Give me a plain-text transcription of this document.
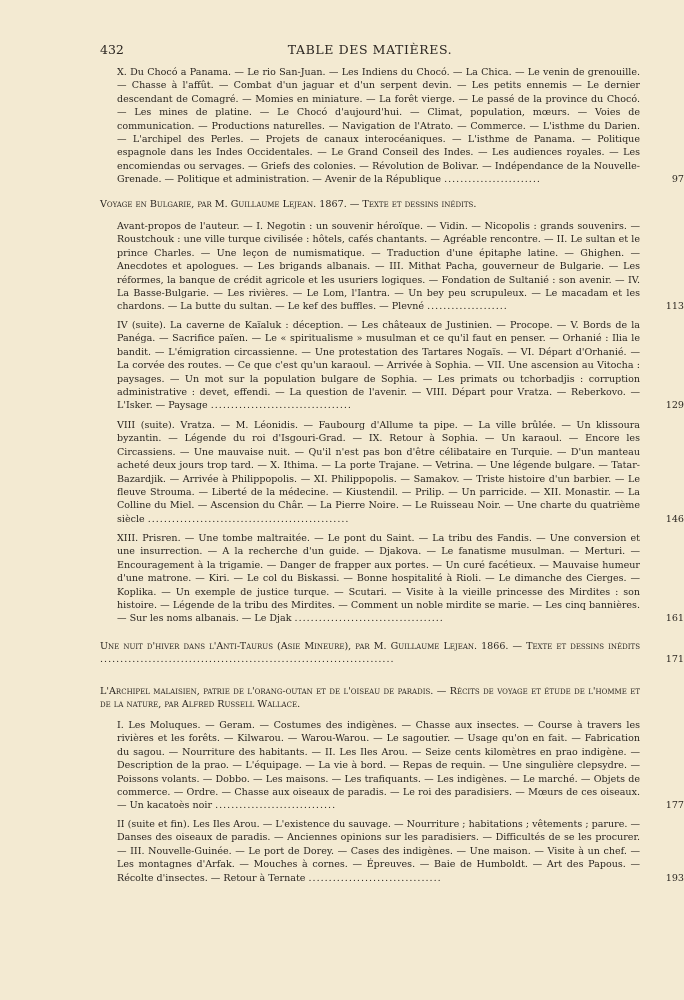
432	TABLE DES MATIÈRES.
X. Du Chocó a Panama. — Le rio San-Juan. — Les Indiens du Chocó. — La Chica. — Le venin de grenouille. — Chasse à l'affût. — Combat d'un jaguar et d'un serpent devin. — Les petits ennemis — Le dernier descendant de Comagré. — Momies en miniature. — La forêt vierge. — Le passé de la province du Chocó. — Les mines de platine. — Le Chocó d'aujourd'hui. — Climat, population, mœurs. — Voies de communication. — Productions naturelles. — Navigation de l'Atrato. — Commerce. — L'isthme du Darien. — L'archipel des Perles. — Projets de canaux interocéaniques. — L'isthme de Panama. — Politique espagnole dans les Indes Occidentales. — Le Grand Conseil des Indes. — Les audiences royales. — Les encomiendas ou servages. — Griefs des colonies. — Révolution de Bolivar. — Indépendance de la Nouvelle-Grenade. — Politique et administration. — Avenir de la République ........................	97
Voyage en Bulgarie, par M. Guillaume Lejean. 1867. — Texte et dessins inédits.
Avant-propos de l'auteur. — I. Negotin : un souvenir héroïque. — Vidin. — Nicopolis : grands souvenirs. — Roustchouk : une ville turque civilisée : hôtels, cafés chantants. — Agréable rencontre. — II. Le sultan et le prince Charles. — Une leçon de numismatique. — Traduction d'une épitaphe latine. — Ghighen. — Anecdotes et apologues. — Les brigands albanais. — III. Mithat Pacha, gouverneur de Bulgarie. — Les réformes, la banque de crédit agricole et les usuriers logiques. — Fondation de Sultanié : son avenir. — IV. La Basse-Bulgarie. — Les rivières. — Le Lom, l'Iantra. — Un bey peu scrupuleux. — Le macadam et les chardons. — La butte du sultan. — Le kef des buffles. — Plevné ....................	113
IV (suite). La caverne de Kaïaluk : déception. — Les châteaux de Justinien. — Procope. — V. Bords de la Panéga. — Sacrifice païen. — Le « spiritualisme » musulman et ce qu'il faut en penser. — Orhanié : Ilia le bandit. — L'émigration circassienne. — Une protestation des Tartares Nogaïs. — VI. Départ d'Orhanié. — La corvée des routes. — Ce que c'est qu'un karaoul. — Arrivée à Sophia. — VII. Une ascension au Vitocha : paysages. — Un mot sur la population bulgare de Sophia. — Les primats ou tchorbadjis : corruption administrative : devet, effendi. — La question de l'avenir. — VIII. Départ pour Vratza. — Reberkovo. — L'Isker. — Paysage ...................................	129
VIII (suite). Vratza. — M. Léonidis. — Faubourg d'Allume ta pipe. — La ville brûlée. — Un klissoura byzantin. — Légende du roi d'Isgouri-Grad. — IX. Retour à Sophia. — Un karaoul. — Encore les Circassiens. — Une mauvaise nuit. — Qu'il n'est pas bon d'être célibataire en Turquie. — D'un manteau acheté deux jours trop tard. — X. Ithima. — La porte Trajane. — Vetrina. — Une légende bulgare. — Tatar-Bazardjik. — Arrivée à Philippopolis. — XI. Philippopolis. — Samakov. — Triste histoire d'un barbier. — Le fleuve Strouma. — Liberté de la médecine. — Kiustendil. — Prilip. — Un parricide. — XII. Monastir. — La Colline du Miel. — Ascension du Châr. — La Pierre Noire. — Le Ruisseau Noir. — Une charte du quatrième siècle ..................................................	146
XIII. Prisren. — Une tombe maltraitée. — Le pont du Saint. — La tribu des Fandis. — Une conversion et une insurrection. — A la recherche d'un guide. — Djakova. — Le fanatisme musulman. — Merturi. — Encouragement à la trigamie. — Danger de frapper aux portes. — Un curé facétieux. — Mauvaise humeur d'une matrone. — Kiri. — Le col du Biskassi. — Bonne hospitalité à Rioli. — Le dimanche des Cierges. — Koplika. — Un exemple de justice turque. — Scutari. — Visite à la vieille princesse des Mirdites : son histoire. — Légende de la tribu des Mirdites. — Comment un noble mirdite se marie. — Les cinq bannières. — Sur les noms albanais. — Le Djak .....................................	161
Une nuit d'hiver dans l'Anti-Taurus (Asie Mineure), par M. Guillaume Lejean. 1866. — Texte et dessins inédits .........................................................................	171
L'Archipel malaisien, patrie de l'orang-outan et de l'oiseau de paradis. — Récits de voyage et étude de l'homme et de la nature, par Alfred Russell Wallace.
I. Les Moluques. — Geram. — Costumes des indigènes. — Chasse aux insectes. — Course à travers les rivières et les forêts. — Kilwarou. — Warou-Warou. — Le sagoutier. — Usage qu'on en fait. — Fabrication du sagou. — Nourriture des habitants. — II. Les Iles Arou. — Seize cents kilomètres en prao indigène. — Description de la prao. — L'équipage. — La vie à bord. — Repas de requin. — Une singulière clepsydre. — Poissons volants. — Dobbo. — Les maisons. — Les trafiquants. — Les indigènes. — Le marché. — Objets de commerce. — Ordre. — Chasse aux oiseaux de paradis. — Le roi des paradisiers. — Mœurs de ces oiseaux. — Un kacatoès noir ..............................	177
II (suite et fin). Les Iles Arou. — L'existence du sauvage. — Nourriture ; habitations ; vêtements ; parure. — Danses des oiseaux de paradis. — Anciennes opinions sur les paradisiers. — Difficultés de se les procurer. — III. Nouvelle-Guinée. — Le port de Dorey. — Cases des indigènes. — Une maison. — Visite à un chef. — Les montagnes d'Arfak. — Mouches à cornes. — Épreuves. — Baie de Humboldt. — Art des Papous. — Récolte d'insectes. — Retour à Ternate .................................	193
